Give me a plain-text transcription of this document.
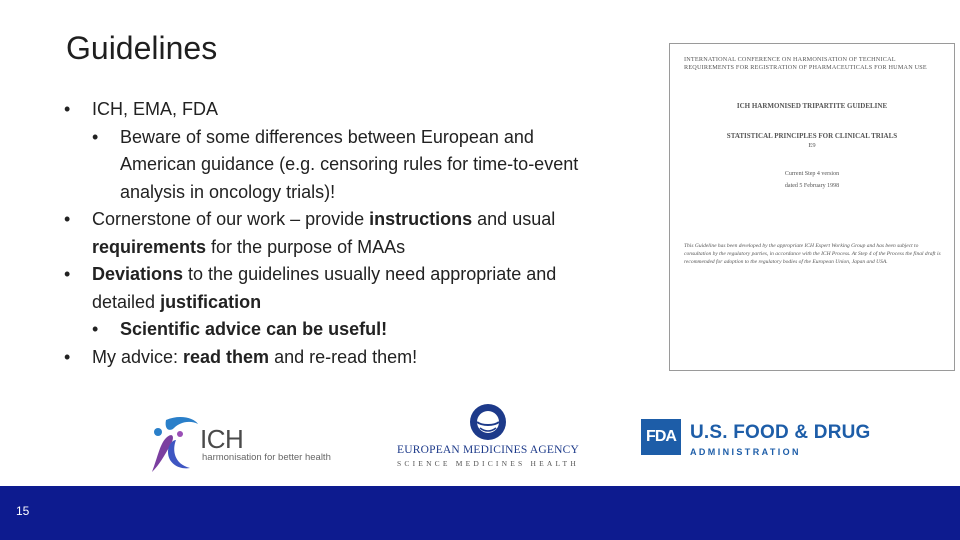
Guidelines
• ICH, EMA, FDA
• Beware of some differences between European and
American guidance (e.g. censoring rules for time-to-event
analysis in oncology trials)!
• Cornerstone of our work – provide instructions and usual
requirements for the purpose of MAAs
• Deviations to the guidelines usually need appropriate and
detailed justification
• Scientific advice can be useful!
• My advice: read them and re-read them!
INTERNATIONAL CONFERENCE ON HARMONISATION OF TECHNICAL REQUIREMENTS FOR REGISTRATION OF PHARMACEUTICALS FOR HUMAN USE
ICH HARMONISED TRIPARTITE GUIDELINE
STATISTICAL PRINCIPLES FOR CLINICAL TRIALS
E9
Current Step 4 version
dated 5 February 1998
This Guideline has been developed by the appropriate ICH Expert Working Group and has been subject to consultation by the regulatory parties, in accordance with the ICH Process. At Step 4 of the Process the final draft is recommended for adoption to the regulatory bodies of the European Union, Japan and USA.
ICH
harmonisation for better health
EUROPEAN MEDICINES AGENCY
SCIENCE MEDICINES HEALTH
FDA U.S. FOOD & DRUG
ADMINISTRATION
15
